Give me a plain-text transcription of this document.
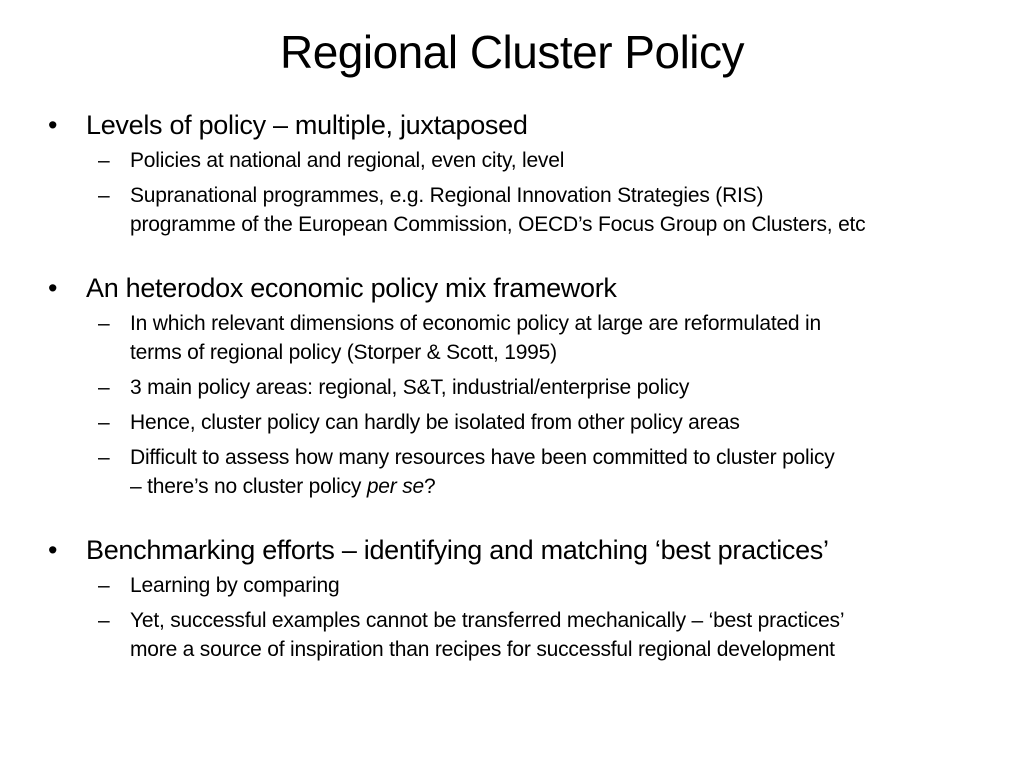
Regional Cluster Policy
•	Levels of policy – multiple, juxtaposed
– Policies at national and regional, even city, level
– Supranational programmes, e.g. Regional Innovation Strategies (RIS)
programme of the European Commission, OECD’s Focus Group on Clusters, etc
•	An heterodox economic policy mix framework
– In which relevant dimensions of economic policy at large are reformulated in
terms of regional policy (Storper & Scott, 1995)
– 3 main policy areas: regional, S&T, industrial/enterprise policy
– Hence, cluster policy can hardly be isolated from other policy areas
– Difficult to assess how many resources have been committed to cluster policy
– there’s no cluster policy per se?
•	Benchmarking efforts – identifying and matching ‘best practices’
– Learning by comparing
– Yet, successful examples cannot be transferred mechanically – ‘best practices’
more a source of inspiration than recipes for successful regional development
